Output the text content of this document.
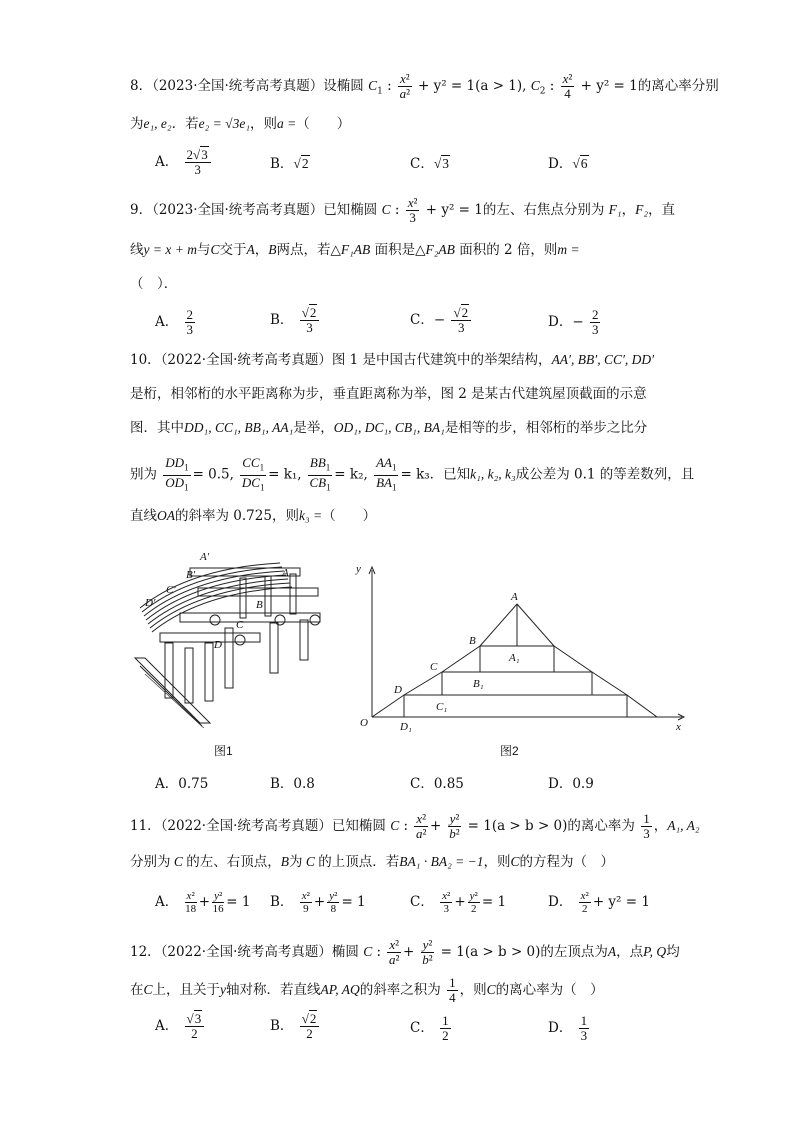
8．（2023·全国·统考高考真题）设椭圆 $C_1$ : $\frac{\text{x²}}{\text{a²}} + y^2 = 1(a > 1)$, $C_2$ : $\frac{\text{x²}}{4} + y^2 = 1$的离心率分别
为e₁, e₂．若e₂ = √3e₁，则a =（　　）
A． $\frac{2√3}{3}$	B．√2	C．√3	D．√6
9．（2023·全国·统考高考真题）已知椭圆 C : $\frac{\text{x²}}{3} + y^2 = 1$的左、右焦点分别为 F₁，F₂，直
线y = x + m与C交于A，B两点，若△F₁AB 面积是△F₂AB 面积的 2 倍，则m =
（　）．
A． $\frac{2}{3}$	B． $\frac{√2}{3}$	C．− $\frac{√2}{3}$	D．− $\frac{2}{3}$
10．（2022·全国·统考高考真题）图 1 是中国古代建筑中的举架结构，AA′, BB′, CC′, DD′
是桁，相邻桁的水平距离称为步，垂直距离称为举，图 2 是某古代建筑屋顶截面的示意
图．其中DD₁, CC₁, BB₁, AA₁是举，OD₁, DC₁, CB₁, BA₁是相等的步，相邻桁的举步之比分
别为 $\frac{DD_1}{OD_1} = 0.5$, $\frac{CC_1}{DC_1} = k_1$, $\frac{BB_1}{CB_1} = k_2$, $\frac{AA_1}{BA_1} = k_3$．已知k₁, k₂, k₃成公差为 0.1 的等差数列，且
直线OA的斜率为 0.725，则k₃ =（　　）
A′
B′
C′
D′
A
B
C
D
图1
y
x
O
A
B
C
D
A₁
B₁
C₁
D₁
图2
A．0.75	B．0.8	C．0.85	D．0.9
11．（2022·全国·统考高考真题）已知椭圆 C : $\frac{\text{x²}}{\text{a²}} + \frac{\text{y²}}{\text{b²}} = 1(a > b > 0)$的离心率为 $\frac{1}{3}$ ，A₁, A₂
分别为 C 的左、右顶点，B为 C 的上顶点．若BA₁ · BA₂ = −1，则C的方程为（　）
A． $\frac{\text{x²}}{18} + \frac{\text{y²}}{16} = 1$ B． $\frac{\text{x²}}{9} + \frac{\text{y²}}{8} = 1$	C． $\frac{\text{x²}}{3} + \frac{\text{y²}}{2} = 1$	D． $\frac{\text{x²}}{2} + y^2 = 1$
12．（2022·全国·统考高考真题）椭圆 C : $\frac{\text{x²}}{\text{a²}} + \frac{\text{y²}}{\text{b²}} = 1(a > b > 0)$的左顶点为A，点P, Q均
在C上，且关于y轴对称．若直线AP, AQ的斜率之积为 $\frac{1}{4}$ ，则C的离心率为（　）
A． $\frac{√3}{2}$	B． $\frac{√2}{2}$	C． $\frac{1}{2}$	D． $\frac{1}{3}$
